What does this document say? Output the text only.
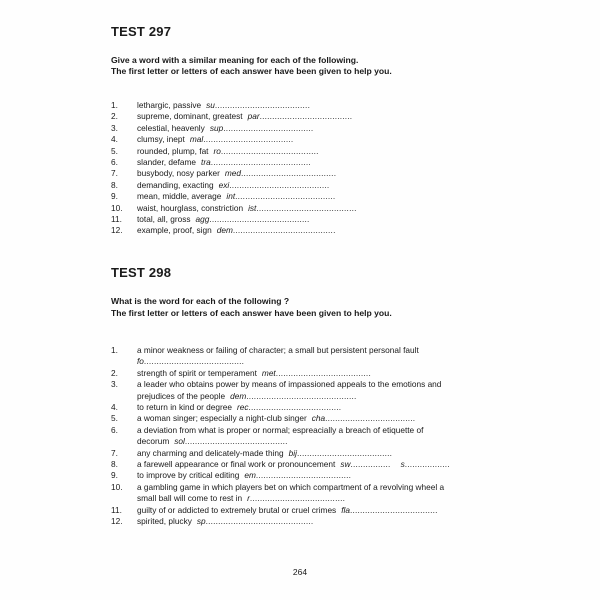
TEST 297
Give a word with a similar meaning for each of the following.
The first letter or letters of each answer have been given to help you.
1.	lethargic, passive su......................................
2.	supreme, dominant, greatest par.....................................
3.	celestial, heavenly sup....................................
4.	clumsy, inept mal....................................
5.	rounded, plump, fat ro.......................................
6.	slander, defame tra........................................
7.	busybody, nosy parker med......................................
8.	demanding, exacting exi........................................
9.	mean, middle, average int........................................
10.	waist, hourglass, constriction ist........................................
11.	total, all, gross agg........................................
12.	example, proof, sign dem.........................................
TEST 298
What is the word for each of the following ?
The first letter or letters of each answer have been given to help you.
1.	a minor weakness or failing of character; a small but persistent personal fault
fo........................................
2.	strength of spirit or temperament met......................................
3.	a leader who obtains power by means of impassioned appeals to the emotions and
prejudices of the people dem............................................
4.	to return in kind or degree rec.....................................
5.	a woman singer; especially a night-club singer cha....................................
6.	a deviation from what is proper or normal; espreacially a breach of etiquette of
decorum sol.........................................
7.	any charming and delicately-made thing bij......................................
8.	a farewell appearance or final work or pronouncement sw................ s..................
9.	to improve by critical editing em......................................
10.	a gambling game in which players bet on which compartment of a revolving wheel a
small ball will come to rest in r......................................
11.	guilty of or addicted to extremely brutal or cruel crimes fla...................................
12.	spirited, plucky sp...........................................
264
